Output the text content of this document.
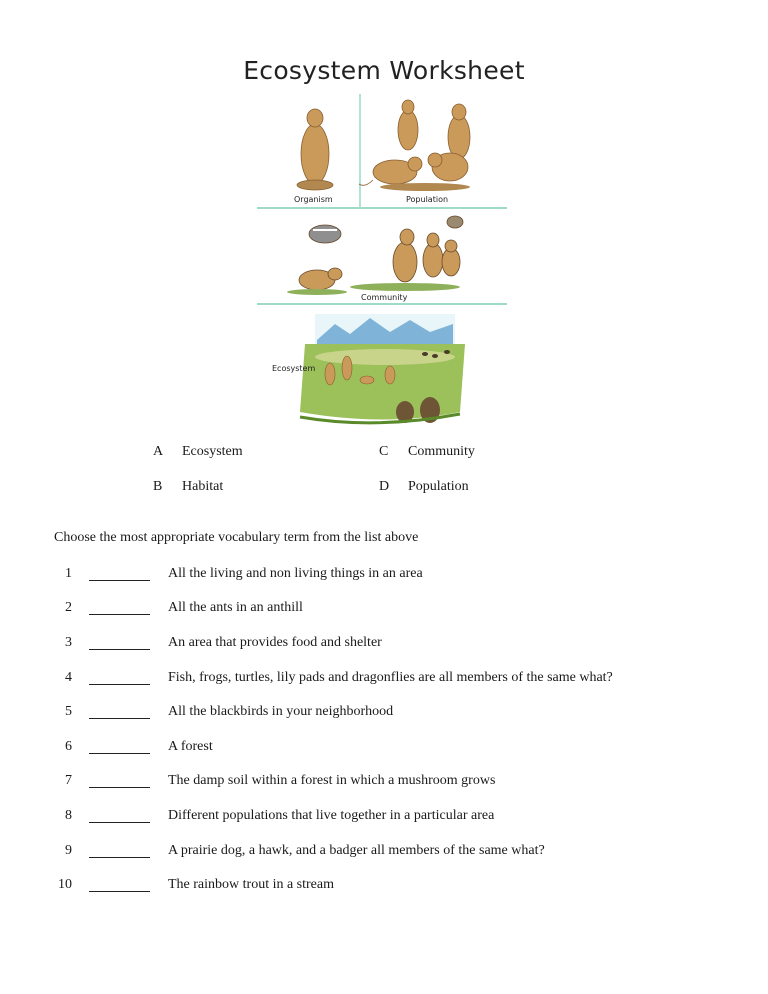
Ecosystem Worksheet
Organism	Population
Community
Ecosystem
A Ecosystem	C Community
B Habitat	D Population
Choose the most appropriate vocabulary term from the list above
1	All the living and non living things in an area
2	All the ants in an anthill
3	An area that provides food and shelter
4	Fish, frogs, turtles, lily pads and dragonflies are all members of the same what?
5	All the blackbirds in your neighborhood
6	A forest
7	The damp soil within a forest in which a mushroom grows
8	Different populations that live together in a particular area
9	A prairie dog, a hawk, and a badger all members of the same what?
10	The rainbow trout in a stream
